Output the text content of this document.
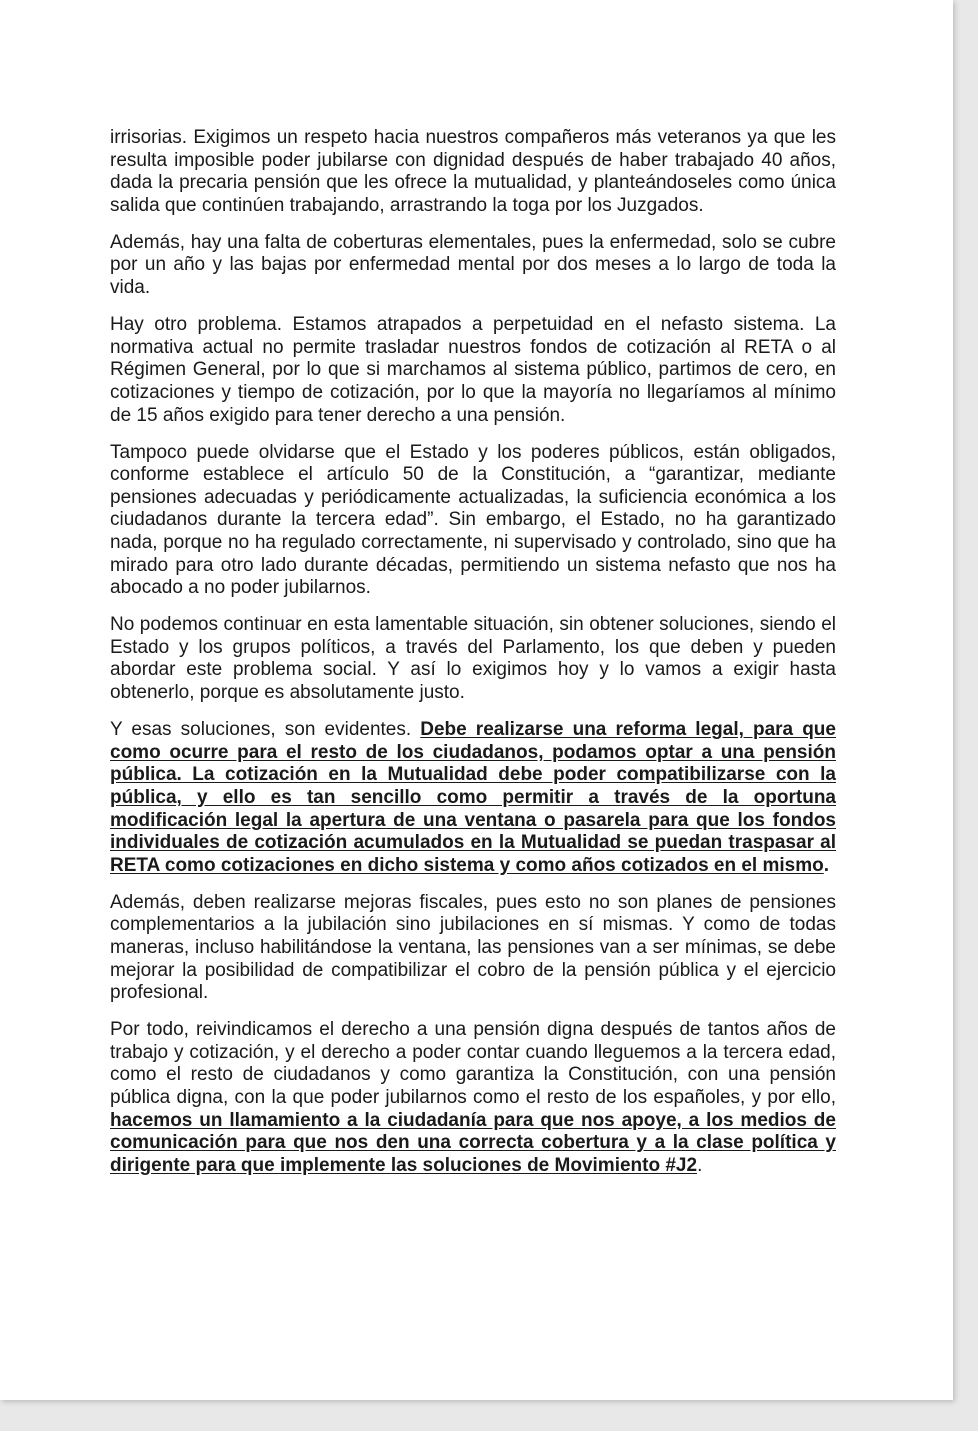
irrisorias. Exigimos un respeto hacia nuestros compañeros más veteranos ya que les resulta imposible poder jubilarse con dignidad después de haber trabajado 40 años, dada la precaria pensión que les ofrece la mutualidad, y planteándoseles como única salida que continúen trabajando, arrastrando la toga por los Juzgados.

Además, hay una falta de coberturas elementales, pues la enfermedad, solo se cubre por un año y las bajas por enfermedad mental por dos meses a lo largo de toda la vida.

Hay otro problema. Estamos atrapados a perpetuidad en el nefasto sistema. La normativa actual no permite trasladar nuestros fondos de cotización al RETA o al Régimen General, por lo que si marchamos al sistema público, partimos de cero, en cotizaciones y tiempo de cotización, por lo que la mayoría no llegaríamos al mínimo de 15 años exigido para tener derecho a una pensión.

Tampoco puede olvidarse que el Estado y los poderes públicos, están obligados, conforme establece el artículo 50 de la Constitución, a “garantizar, mediante pensiones adecuadas y periódicamente actualizadas, la suficiencia económica a los ciudadanos durante la tercera edad”. Sin embargo, el Estado, no ha garantizado nada, porque no ha regulado correctamente, ni supervisado y controlado, sino que ha mirado para otro lado durante décadas, permitiendo un sistema nefasto que nos ha abocado a no poder jubilarnos.

No podemos continuar en esta lamentable situación, sin obtener soluciones, siendo el Estado y los grupos políticos, a través del Parlamento, los que deben y pueden abordar este problema social. Y así lo exigimos hoy y lo vamos a exigir hasta obtenerlo, porque es absolutamente justo.

Y esas soluciones, son evidentes. Debe realizarse una reforma legal, para que como ocurre para el resto de los ciudadanos, podamos optar a una pensión pública. La cotización en la Mutualidad debe poder compatibilizarse con la pública, y ello es tan sencillo como permitir a través de la oportuna modificación legal la apertura de una ventana o pasarela para que los fondos individuales de cotización acumulados en la Mutualidad se puedan traspasar al RETA como cotizaciones en dicho sistema y como años cotizados en el mismo.

Además, deben realizarse mejoras fiscales, pues esto no son planes de pensiones complementarios a la jubilación sino jubilaciones en sí mismas. Y como de todas maneras, incluso habilitándose la ventana, las pensiones van a ser mínimas, se debe mejorar la posibilidad de compatibilizar el cobro de la pensión pública y el ejercicio profesional.

Por todo, reivindicamos el derecho a una pensión digna después de tantos años de trabajo y cotización, y el derecho a poder contar cuando lleguemos a la tercera edad, como el resto de ciudadanos y como garantiza la Constitución, con una pensión pública digna, con la que poder jubilarnos como el resto de los españoles, y por ello, hacemos un llamamiento a la ciudadanía para que nos apoye, a los medios de comunicación para que nos den una correcta cobertura y a la clase política y dirigente para que implemente las soluciones de Movimiento #J2.
